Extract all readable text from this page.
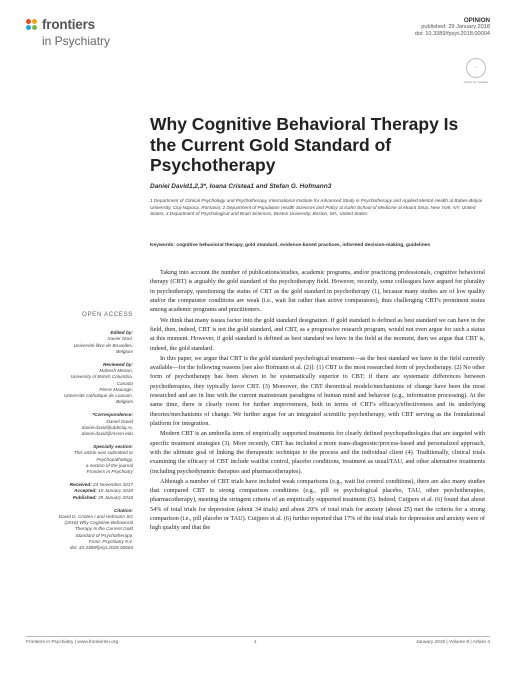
frontiers
in Psychiatry
OPINION
published: 29 January 2018
doi: 10.3389/fpsyt.2018.00004
✓
Check for updates
Why Cognitive Behavioral Therapy Is the Current Gold Standard of Psychotherapy
Daniel David1,2,3*, Ioana Cristea1 and Stefan G. Hofmann3
1 Department of Clinical Psychology and Psychotherapy, International Institute for Advanced Study in Psychotherapy and Applied Mental Health at Babes-Bolyai University, Cluj-Napoca, Romania; 2 Department of Population Health Sciences and Policy at Icahn School of Medicine at Mount Sinai, New York, NY, United States, 3 Department of Psychological and Brain Sciences, Boston University, Boston, MA, United States
Keywords: cognitive behavioral therapy, gold standard, evidence-based practices, informed decision-making, guidelines

Taking into account the number of publications/studies, academic programs, and/or practicing professionals, cognitive behavioral therapy (CBT) is arguably the gold standard of the psychotherapy field. However, recently, some colleagues have argued for plurality in psychotherapy, questioning the status of CBT as the gold standard in psychotherapy (1), because many studies are of low quality and/or the comparator conditions are weak (i.e., wait list rather than active comparators), thus challenging CBT's prominent status among academic programs and practitioners.

We think that many issues factor into the gold standard designation. If gold standard is defined as best standard we can have in the field, then, indeed, CBT is not the gold standard, and CBT, as a progressive research program, would not even argue for such a status at this moment. However, if gold standard is defined as best standard we have in the field at the moment, then we argue that CBT is, indeed, the gold standard.

In this paper, we argue that CBT is the gold standard psychological treatment—as the best standard we have in the field currently available—for the following reasons [see also Hofmann et al. (2)]: (1) CBT is the most researched form of psychotherapy. (2) No other form of psychotherapy has been shown to be systematically superior to CBT; if there are systematic differences between psychotherapies, they typically favor CBT. (3) Moreover, the CBT theoretical models/mechanisms of change have been the most researched and are in line with the current mainstream paradigms of human mind and behavior (e.g., information processing). At the same time, there is clearly room for further improvement, both in terms of CBT's efficacy/effectiveness and its underlying theories/mechanisms of change. We further argue for an integrated scientific psychotherapy, with CBT serving as the foundational platform for integration.

Modern CBT is an umbrella term of empirically supported treatments for clearly defined psychopathologies that are targeted with specific treatment strategies (3). More recently, CBT has included a more trans-diagnostic/process-based and personalized approach, with the ultimate goal of linking the therapeutic technique to the process and the individual client (4). Traditionally, clinical trials examining the efficacy of CBT include waitlist control, placebo conditions, treatment as usual/TAU, and other alternative treatments (including psychodynamic therapies and pharmacotherapies).

Although a number of CBT trials have included weak comparisons (e.g., wait list control conditions), there are also many studies that compared CBT to strong comparison conditions (e.g., pill or psychological placebo, TAU, other psychotherapies, pharmacotherapy), meeting the stringent criteria of an empirically supported treatment (5). Indeed, Cuijpers et al. (6) found that about 54% of total trials for depression (about 34 trials) and about 20% of total trials for anxiety (about 25) met the criteria for a strong comparison (i.e., pill placebo or TAU). Cuijpers et al. (6) further reported that 17% of the total trials for depression and anxiety were of high quality and that the

OPEN ACCESS
Edited by:
Xavier Noel,
Université libre de Bruxelles,
Belgium
Reviewed by:
Mahesh Menon,
University of British Columbia,
Canada
Pierre Maurage,
Université catholique de Louvain,
Belgium
*Correspondence:
Daniel David
daniel.david@ubbcluj.ro,
daniel.david@mssm.edu
Specialty section:
This article was submitted to
Psychopathology,
a section of the journal
Frontiers in Psychiatry
Received: 24 November 2017
Accepted: 10 January 2018
Published: 29 January 2018
Citation:
David D, Cristea I and Hofmann SG
(2018) Why Cognitive Behavioral
Therapy Is the Current Gold
Standard of Psychotherapy.
Front. Psychiatry 9:4.
doi: 10.3389/fpsyt.2018.00004
Frontiers in Psychiatry | www.frontiersin.org	1	January 2018 | Volume 9 | Article 4
